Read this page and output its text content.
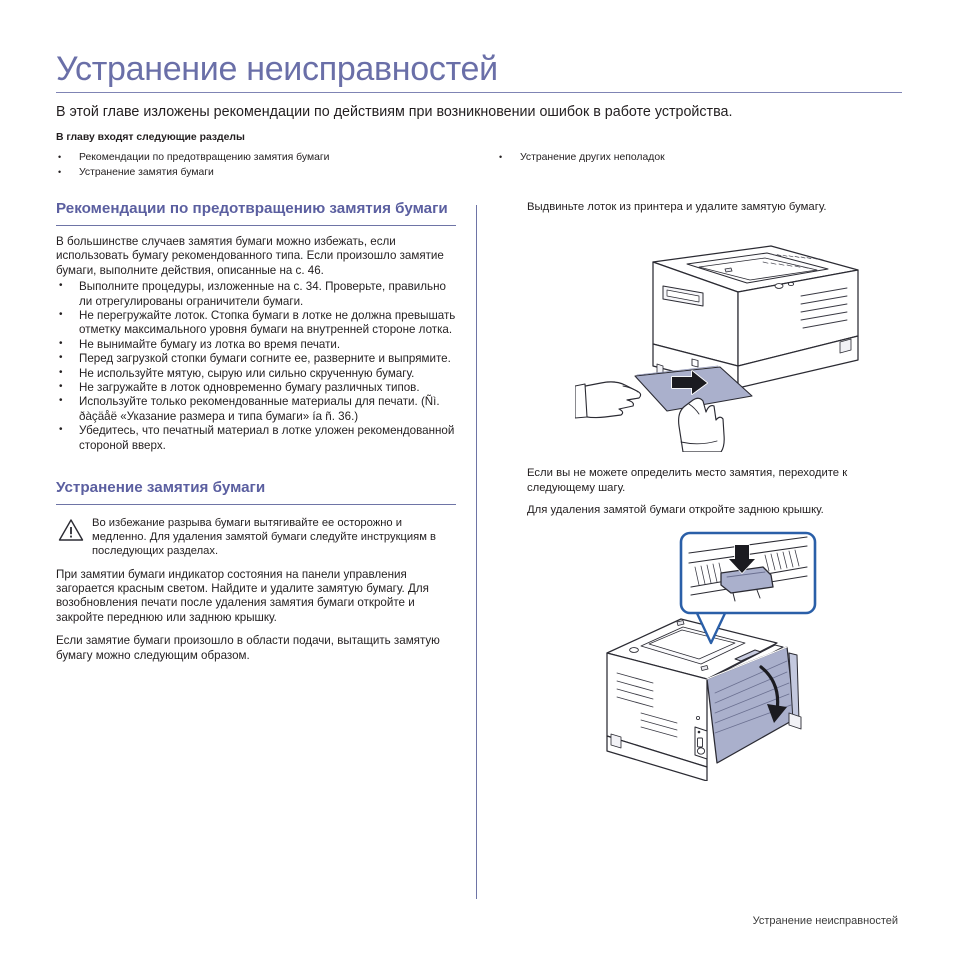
Устранение неисправностей
В этой главе изложены рекомендации по действиям при возникновении ошибок в работе устройства.
В главу входят следующие разделы
• Рекомендации по предотвращению замятия бумаги
• Устранение замятия бумаги
• Устранение других неполадок
Рекомендации по предотвращению замятия бумаги

В большинстве случаев замятия бумаги можно избежать, если использовать бумагу рекомендованного типа. Если произошло замятие бумаги, выполните действия, описанные на с. 46.

• Выполните процедуры, изложенные на с. 34. Проверьте, правильно ли отрегулированы ограничители бумаги.
• Не перегружайте лоток. Стопка бумаги в лотке не должна превышать отметку максимального уровня бумаги на внутренней стороне лотка.
• Не вынимайте бумагу из лотка во время печати.
• Перед загрузкой стопки бумаги согните ее, разверните и выпрямите.
• Не используйте мятую, сырую или сильно скрученную бумагу.
• Не загружайте в лоток одновременно бумагу различных типов.
• Используйте только рекомендованные материалы для печати. (Ñì. ðàçäåë «Указание размера и типа бумаги» ía ñ. 36.)
• Убедитесь, что печатный материал в лотке уложен рекомендованной стороной вверх.
Устранение замятия бумаги
Во избежание разрыва бумаги вытягивайте ее осторожно и медленно. Для удаления замятой бумаги следуйте инструкциям в последующих разделах.

При замятии бумаги индикатор состояния на панели управления загорается красным светом. Найдите и удалите замятую бумагу. Для возобновления печати после удаления замятия бумаги откройте и закройте переднюю или заднюю крышку.

Если замятие бумаги произошло в области подачи, вытащить замятую бумагу можно следующим образом.

Выдвиньте лоток из принтера и удалите замятую бумагу.

Если вы не можете определить место замятия, переходите к следующему шагу.

Для удаления замятой бумаги откройте заднюю крышку.

Устранение неисправностей
